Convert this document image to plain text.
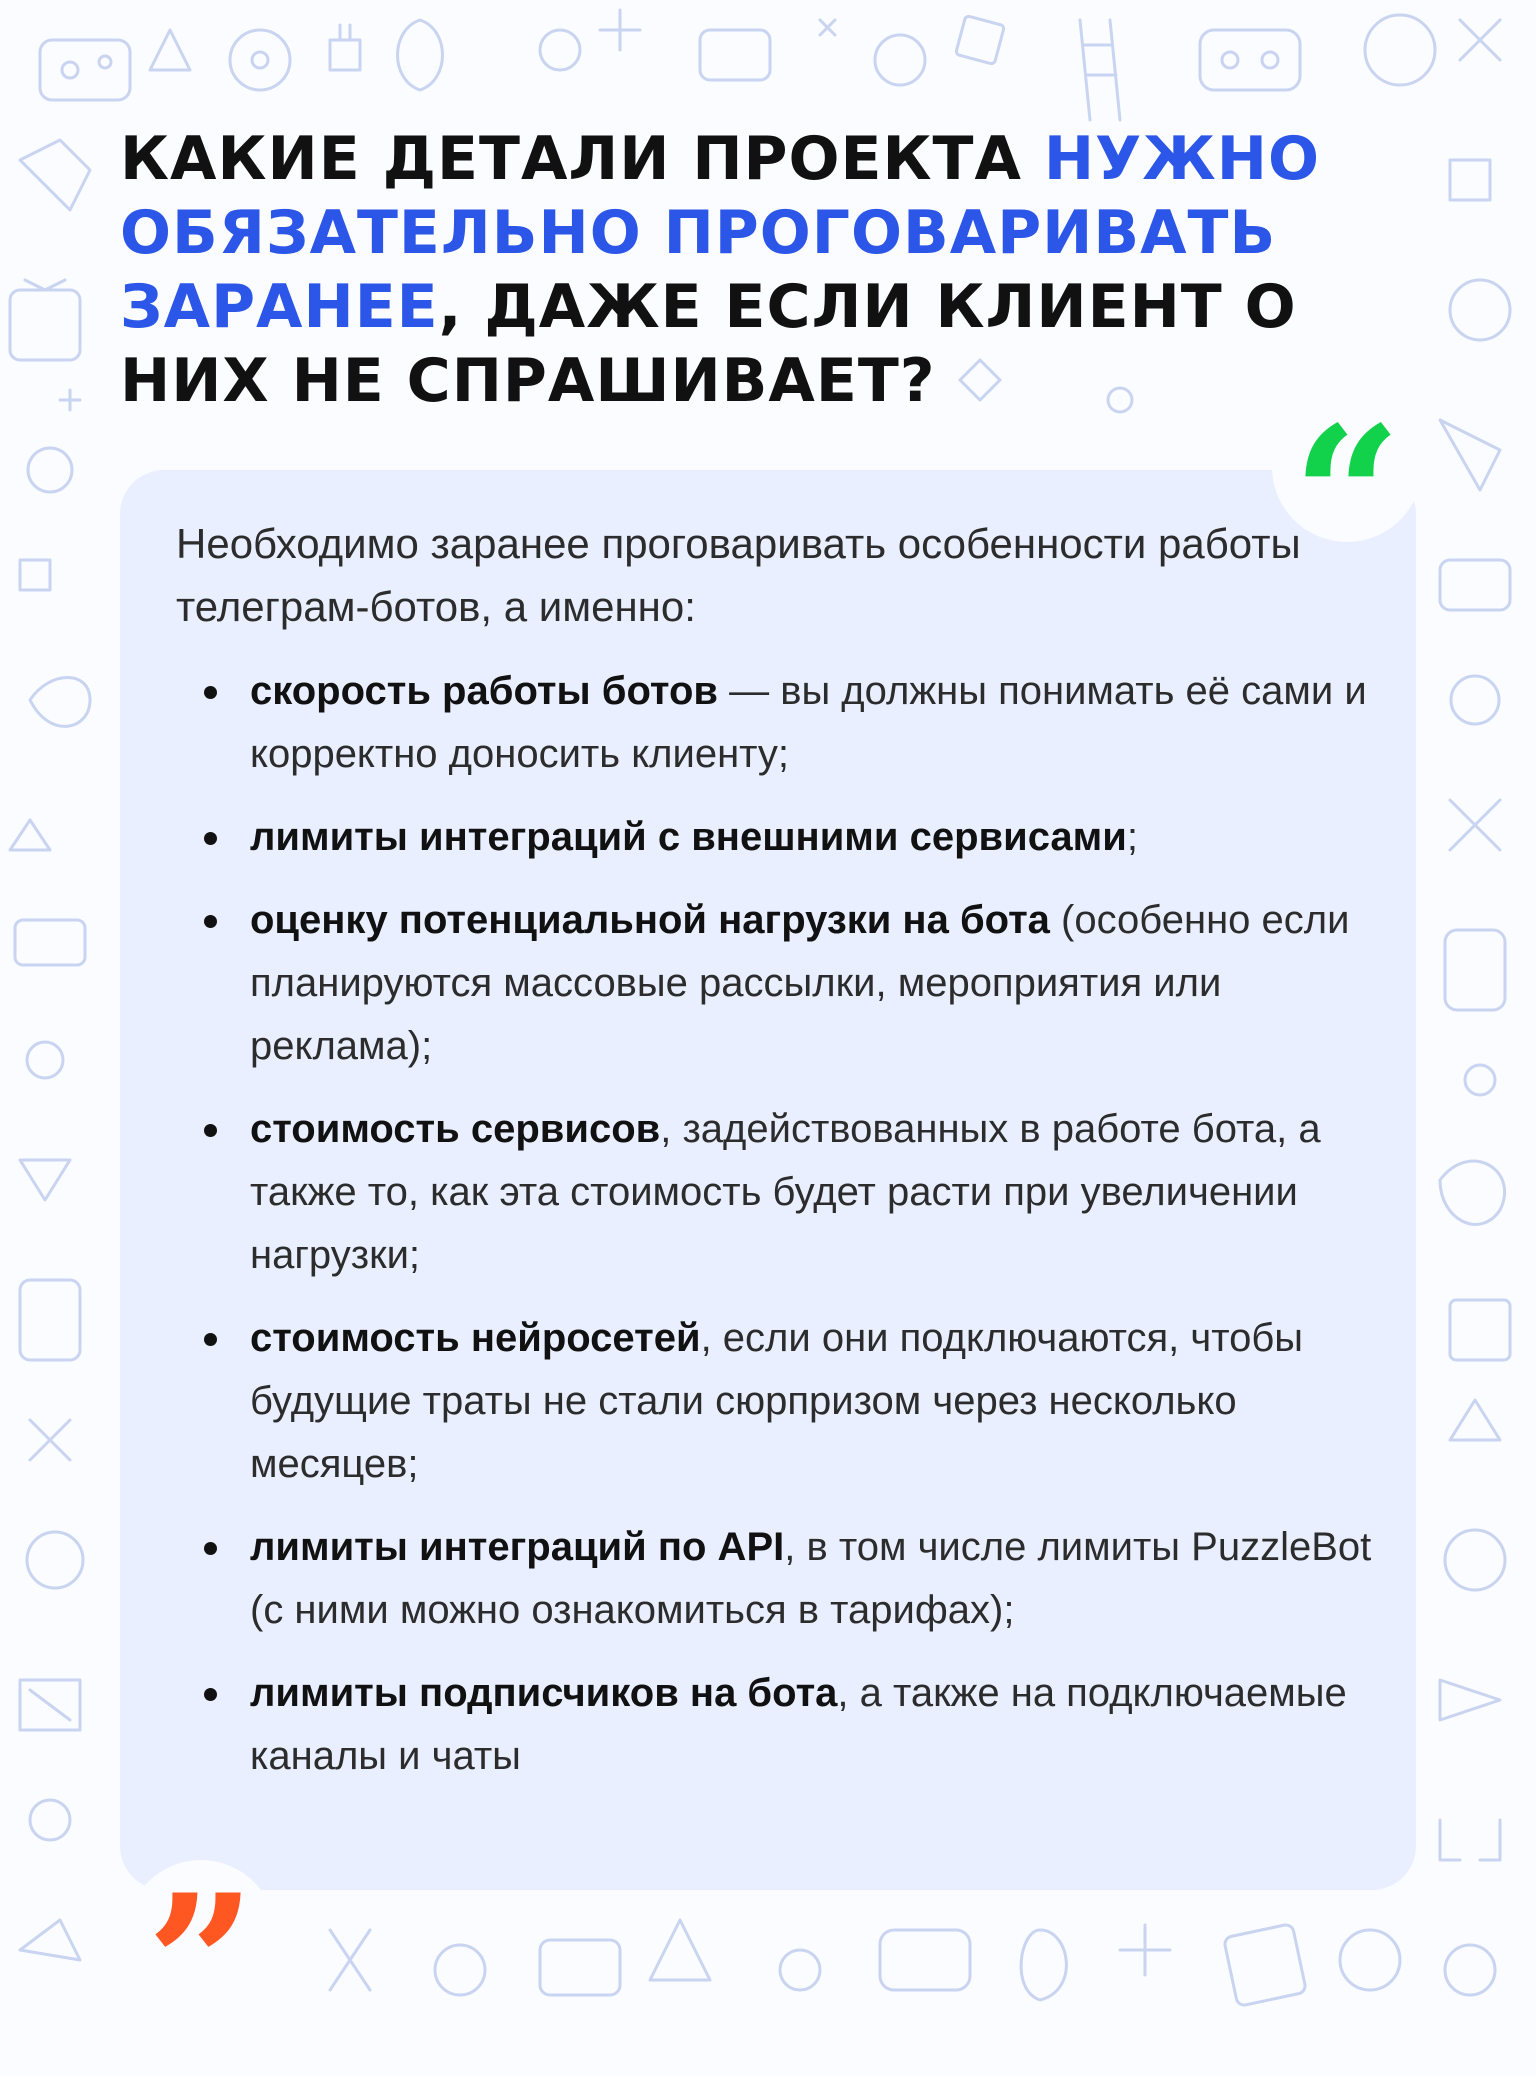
КАКИЕ ДЕТАЛИ ПРОЕКТА НУЖНО ОБЯЗАТЕЛЬНО ПРОГОВАРИВАТЬ ЗАРАНЕЕ, ДАЖЕ ЕСЛИ КЛИЕНТ О НИХ НЕ СПРАШИВАЕТ?
“

Необходимо заранее проговаривать особенности работы телеграм-ботов, а именно:

скорость работы ботов — вы должны понимать её сами и корректно доносить клиенту;
лимиты интеграций с внешними сервисами;
оценку потенциальной нагрузки на бота (особенно если планируются массовые рассылки, мероприятия или реклама);
стоимость сервисов, задействованных в работе бота, а также то, как эта стоимость будет расти при увеличении нагрузки;
стоимость нейросетей, если они подключаются, чтобы будущие траты не стали сюрпризом через несколько месяцев;
лимиты интеграций по API, в том числе лимиты PuzzleBot (с ними можно ознакомиться в тарифах);
лимиты подписчиков на бота, а также на подключаемые каналы и чаты
”
